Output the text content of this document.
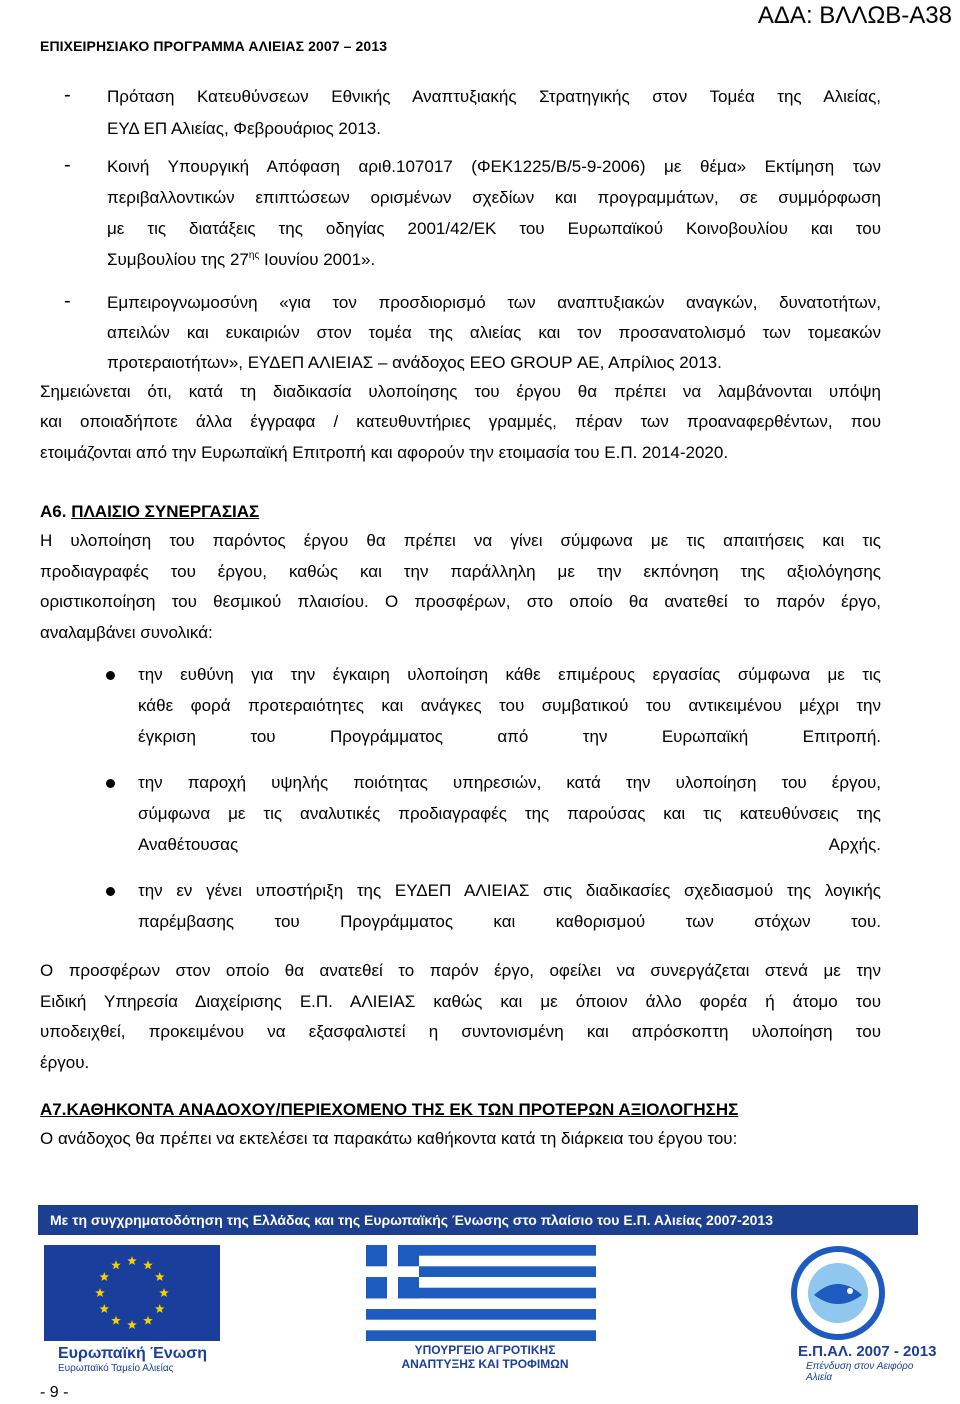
ΕΠΙΧΕΙΡΗΣΙΑΚΟ ΠΡΟΓΡΑΜΜΑ ΑΛΙΕΙΑΣ 2007 – 2013
ΑΔΑ: ΒΛΛΩΒ-Α38
- Πρόταση Κατευθύνσεων Εθνικής Αναπτυξιακής Στρατηγικής στον Τομέα της Αλιείας,
ΕΥΔ ΕΠ Αλιείας, Φεβρουάριος 2013.
- Κοινή Υπουργική Απόφαση αριθ.107017 (ΦΕΚ1225/Β/5-9-2006) με θέμα» Εκτίμηση των
περιβαλλοντικών επιπτώσεων ορισμένων σχεδίων και προγραμμάτων, σε συμμόρφωση
με τις διατάξεις της οδηγίας 2001/42/ΕΚ του Ευρωπαϊκού Κοινοβουλίου και του
Συμβουλίου της $27^{\eta\varsigma}$ Ιουνίου 2001».
- Εμπειρογνωμοσύνη «για τον προσδιορισμό των αναπτυξιακών αναγκών, δυνατοτήτων,
απειλών και ευκαιριών στον τομέα της αλιείας και τον προσανατολισμό των τομεακών
προτεραιοτήτων», ΕΥΔΕΠ ΑΛΙΕΙΑΣ – ανάδοχος ΕΕΟ GROUP ΑΕ, Απρίλιος 2013.
Σημειώνεται ότι, κατά τη διαδικασία υλοποίησης του έργου θα πρέπει να λαμβάνονται υπόψη
και οποιαδήποτε άλλα έγγραφα / κατευθυντήριες γραμμές, πέραν των προαναφερθέντων, που
ετοιμάζονται από την Ευρωπαϊκή Επιτροπή και αφορούν την ετοιμασία του Ε.Π. 2014-2020.
Α6. ΠΛΑΙΣΙΟ ΣΥΝΕΡΓΑΣΙΑΣ
Η υλοποίηση του παρόντος έργου θα πρέπει να γίνει σύμφωνα με τις απαιτήσεις και τις
προδιαγραφές του έργου, καθώς και την παράλληλη με την εκπόνηση της αξιολόγησης
οριστικοποίηση του θεσμικού πλαισίου. Ο προσφέρων, στο οποίο θα ανατεθεί το παρόν έργο,
αναλαμβάνει συνολικά:
την ευθύνη για την έγκαιρη υλοποίηση κάθε επιμέρους εργασίας σύμφωνα με τις
κάθε φορά προτεραιότητες και ανάγκες του συμβατικού του αντικειμένου μέχρι την
έγκριση του Προγράμματος από την Ευρωπαϊκή Επιτροπή.
την παροχή υψηλής ποιότητας υπηρεσιών, κατά την υλοποίηση του έργου,
σύμφωνα με τις αναλυτικές προδιαγραφές της παρούσας και τις κατευθύνσεις της
Αναθέτουσας Αρχής.
την εν γένει υποστήριξη της ΕΥΔΕΠ ΑΛΙΕΙΑΣ στις διαδικασίες σχεδιασμού της λογικής
παρέμβασης του Προγράμματος και καθορισμού των στόχων του.
Ο προσφέρων στον οποίο θα ανατεθεί το παρόν έργο, οφείλει να συνεργάζεται στενά με την
Ειδική Υπηρεσία Διαχείρισης Ε.Π. ΑΛΙΕΙΑΣ καθώς και με όποιον άλλο φορέα ή άτομο του
υποδειχθεί, προκειμένου να εξασφαλιστεί η συντονισμένη και απρόσκοπτη υλοποίηση του
έργου.
Α7.ΚΑΘΗΚΟΝΤΑ ΑΝΑΔΟΧΟΥ/ΠΕΡΙΕΧΟΜΕΝΟ ΤΗΣ ΕΚ ΤΩΝ ΠΡΟΤΕΡΩΝ ΑΞΙΟΛΟΓΗΣΗΣ
Ο ανάδοχος θα πρέπει να εκτελέσει τα παρακάτω καθήκοντα κατά τη διάρκεια του έργου του:
Με τη συγχρηματοδότηση της Ελλάδας και της Ευρωπαϊκής Ένωσης στο πλαίσιο του Ε.Π. Αλιείας 2007-2013
Ευρωπαϊκή Ένωση
Ευρωπαϊκό Ταμείο Αλιείας
ΥΠΟΥΡΓΕΙΟ ΑΓΡΟΤΙΚΗΣ
ΑΝΑΠΤΥΞΗΣ ΚΑΙ ΤΡΟΦΙΜΩΝ
Ε.Π.ΑΛ. 2007 - 2013
Επένδυση στον Αειφόρο Αλιεία
- 9 -
